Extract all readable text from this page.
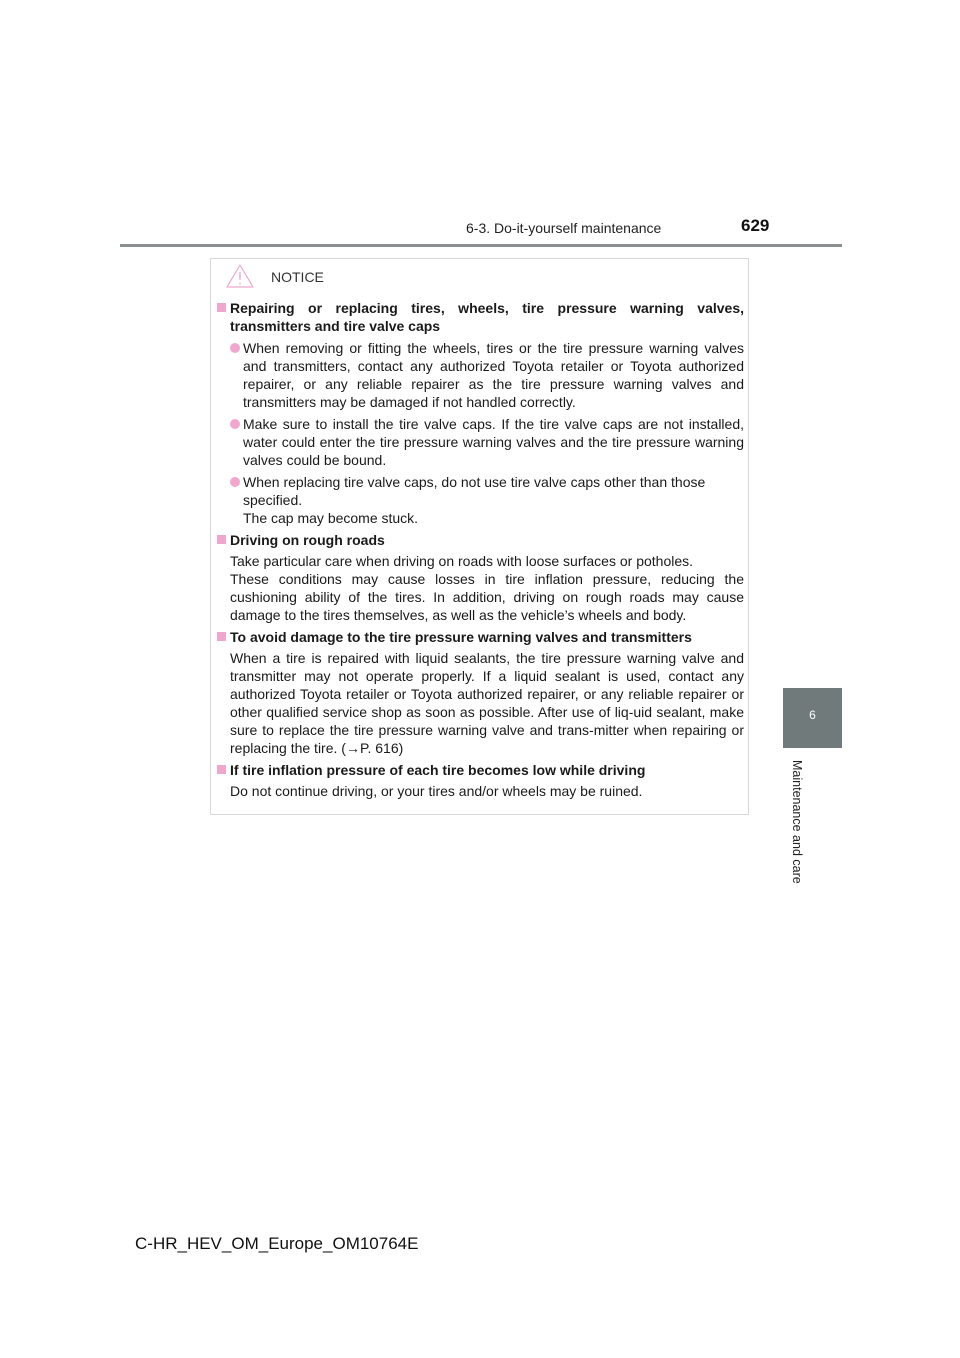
6-3. Do-it-yourself maintenance	629
6
Maintenance and care
NOTICE
Repairing or replacing tires, wheels, tire pressure warning valves, transmitters and tire valve caps

When removing or fitting the wheels, tires or the tire pressure warning valves and transmitters, contact any authorized Toyota retailer or Toyota authorized repairer, or any reliable repairer as the tire pressure warning valves and transmitters may be damaged if not handled correctly.

Make sure to install the tire valve caps. If the tire valve caps are not installed, water could enter the tire pressure warning valves and the tire pressure warning valves could be bound.

When replacing tire valve caps, do not use tire valve caps other than those specified.

The cap may become stuck.

Driving on rough roads

Take particular care when driving on roads with loose surfaces or potholes.

These conditions may cause losses in tire inflation pressure, reducing the cushioning ability of the tires. In addition, driving on rough roads may cause damage to the tires themselves, as well as the vehicle’s wheels and body.

To avoid damage to the tire pressure warning valves and transmitters

When a tire is repaired with liquid sealants, the tire pressure warning valve and transmitter may not operate properly. If a liquid sealant is used, contact any authorized Toyota retailer or Toyota authorized repairer, or any reliable repairer or other qualified service shop as soon as possible. After use of liq-uid sealant, make sure to replace the tire pressure warning valve and trans-mitter when repairing or replacing the tire. (→P. 616)

If tire inflation pressure of each tire becomes low while driving

Do not continue driving, or your tires and/or wheels may be ruined.

C-HR_HEV_OM_Europe_OM10764E
